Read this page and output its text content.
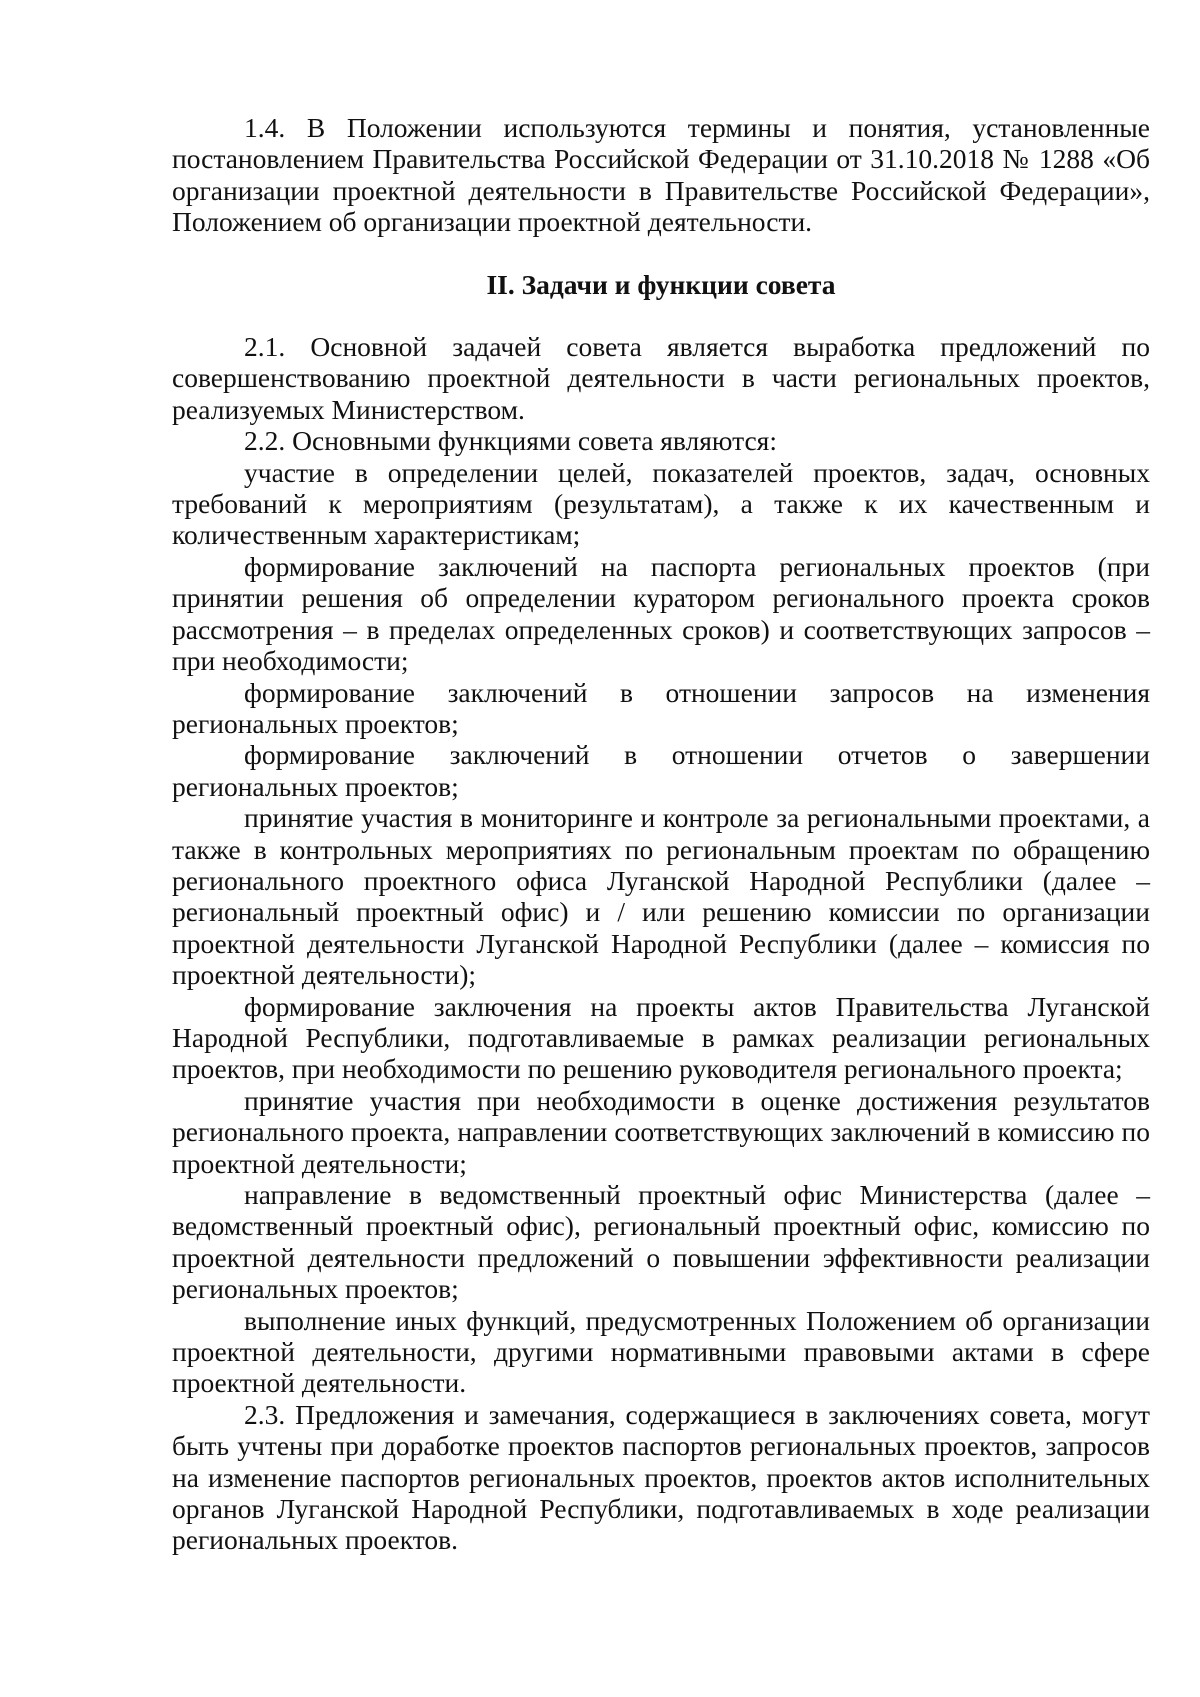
1.4. В Положении используются термины и понятия, установленные постановлением Правительства Российской Федерации от 31.10.2018 № 1288 «Об организации проектной деятельности в Правительстве Российской Федерации», Положением об организации проектной деятельности.

II. Задачи и функции совета

2.1. Основной задачей совета является выработка предложений по совершенствованию проектной деятельности в части региональных проектов, реализуемых Министерством.

2.2. Основными функциями совета являются:

участие в определении целей, показателей проектов, задач, основных требований к мероприятиям (результатам), а также к их качественным и количественным характеристикам;

формирование заключений на паспорта региональных проектов (при принятии решения об определении куратором регионального проекта сроков рассмотрения – в пределах определенных сроков) и соответствующих запросов – при необходимости;

формирование заключений в отношении запросов на изменения региональных проектов;

формирование заключений в отношении отчетов о завершении региональных проектов;

принятие участия в мониторинге и контроле за региональными проектами, а также в контрольных мероприятиях по региональным проектам по обращению регионального проектного офиса Луганской Народной Республики (далее – региональный проектный офис) и / или решению комиссии по организации проектной деятельности Луганской Народной Республики (далее – комиссия по проектной деятельности);

формирование заключения на проекты актов Правительства Луганской Народной Республики, подготавливаемые в рамках реализации региональных проектов, при необходимости по решению руководителя регионального проекта;

принятие участия при необходимости в оценке достижения результатов регионального проекта, направлении соответствующих заключений в комиссию по проектной деятельности;

направление в ведомственный проектный офис Министерства (далее – ведомственный проектный офис), региональный проектный офис, комиссию по проектной деятельности предложений о повышении эффективности реализации региональных проектов;

выполнение иных функций, предусмотренных Положением об организации проектной деятельности, другими нормативными правовыми актами в сфере проектной деятельности.

2.3. Предложения и замечания, содержащиеся в заключениях совета, могут быть учтены при доработке проектов паспортов региональных проектов, запросов на изменение паспортов региональных проектов, проектов актов исполнительных органов Луганской Народной Республики, подготавливаемых в ходе реализации региональных проектов.
